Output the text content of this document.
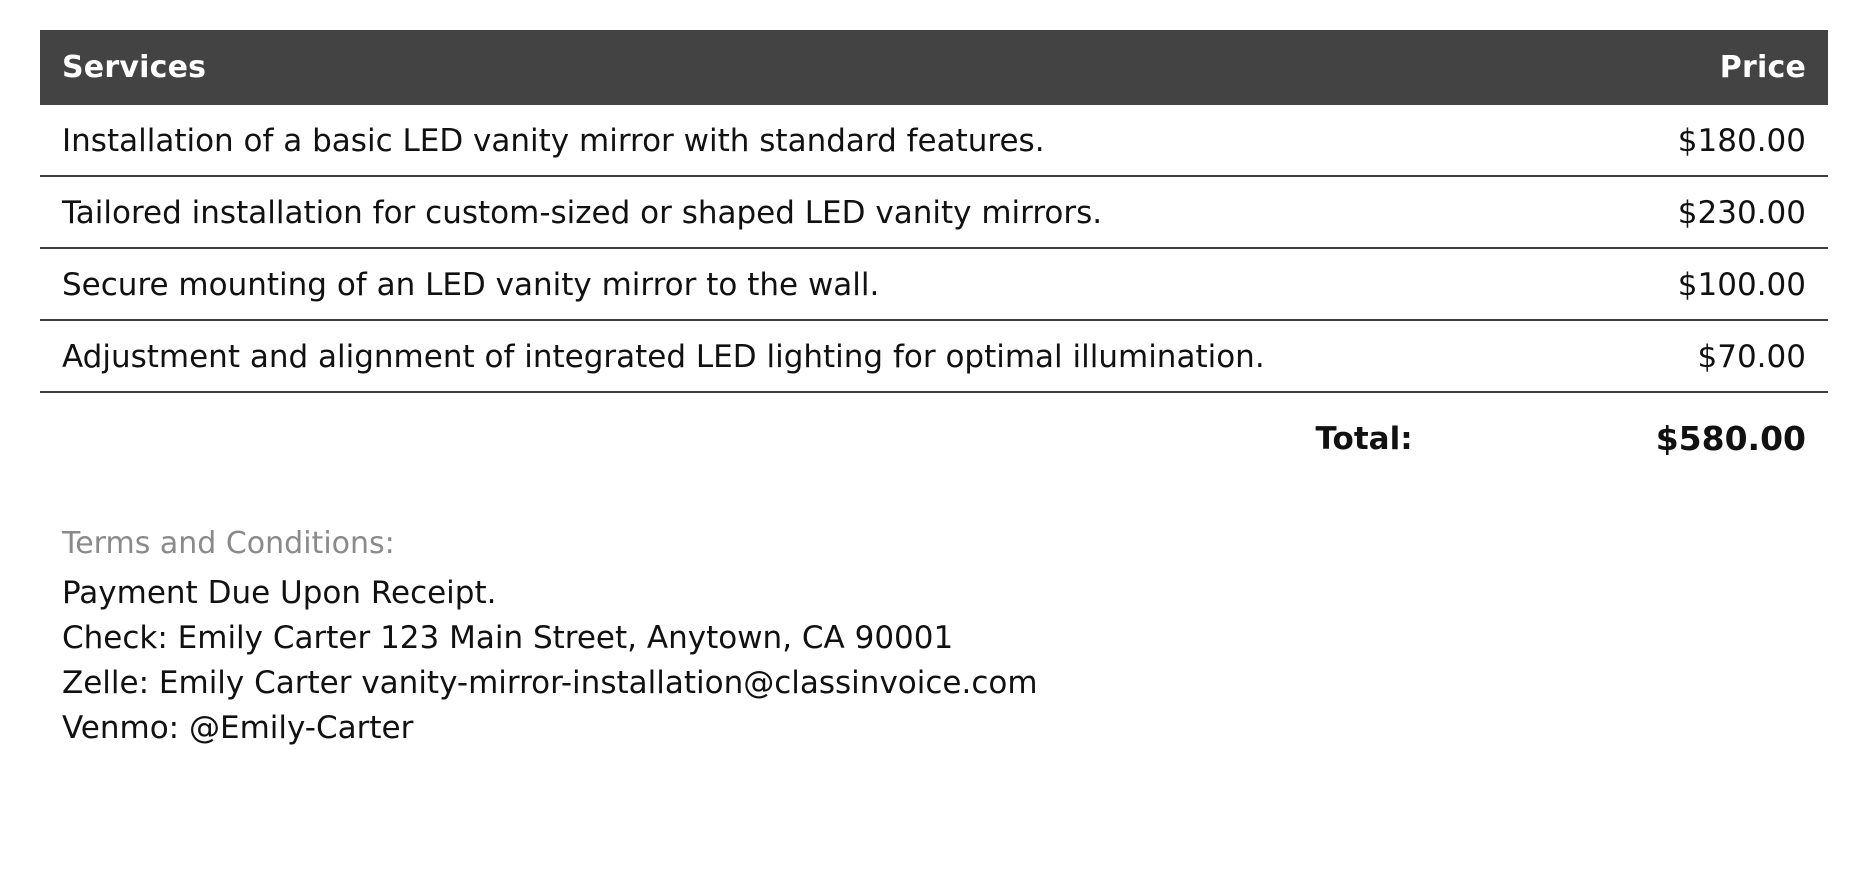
Services	Price
Installation of a basic LED vanity mirror with standard features.	$180.00
Tailored installation for custom-sized or shaped LED vanity mirrors.	$230.00
Secure mounting of an LED vanity mirror to the wall.	$100.00
Adjustment and alignment of integrated LED lighting for optimal illumination.	$70.00
Total:	$580.00
Terms and Conditions:
Payment Due Upon Receipt.
Check: Emily Carter 123 Main Street, Anytown, CA 90001
Zelle: Emily Carter vanity-mirror-installation@classinvoice.com
Venmo: @Emily-Carter
